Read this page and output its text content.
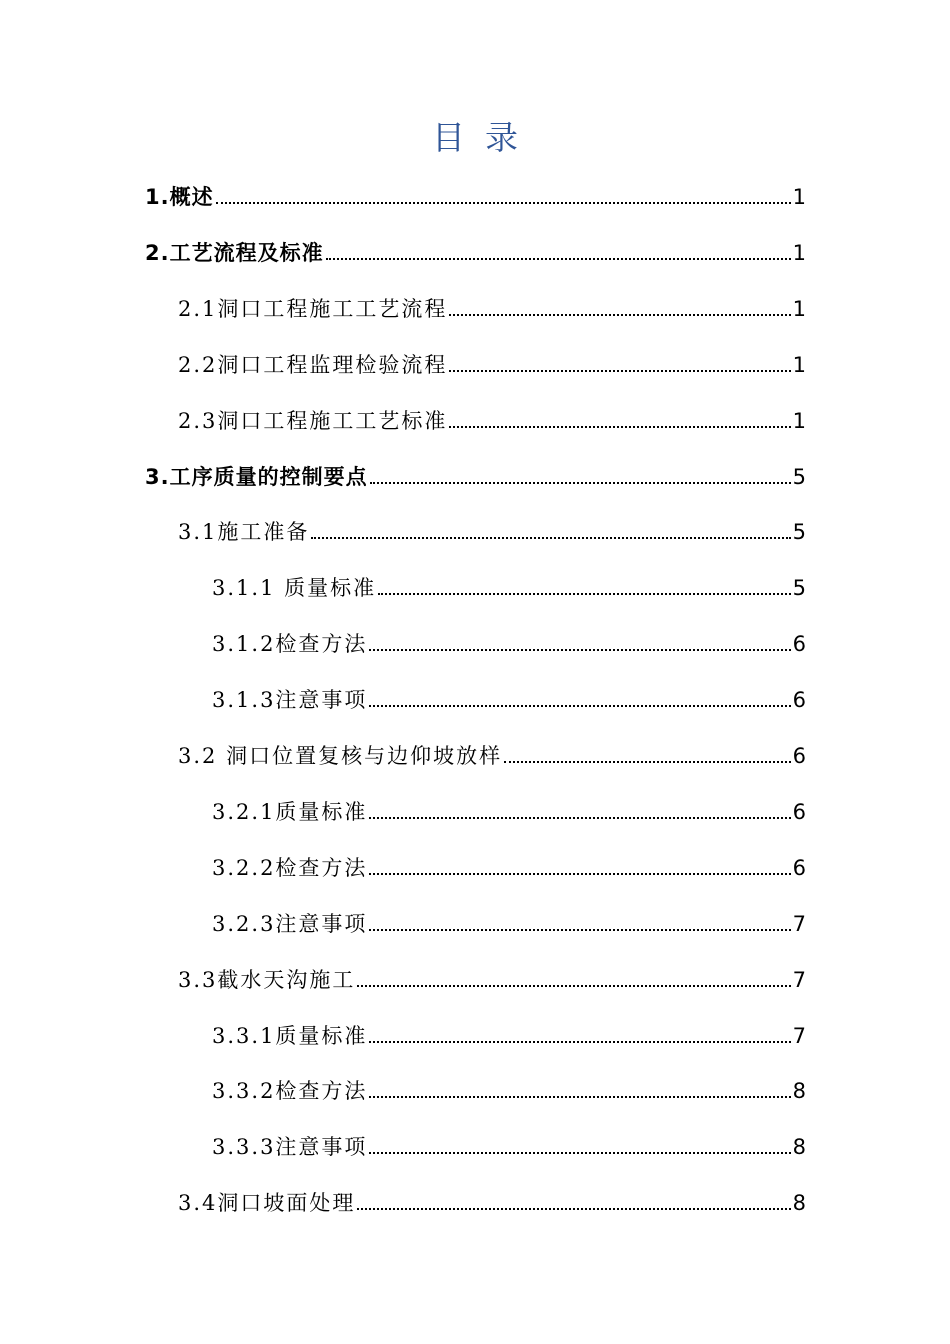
目录
1.概述	1
2.工艺流程及标准	1
2.1洞口工程施工工艺流程	1
2.2洞口工程监理检验流程	1
2.3洞口工程施工工艺标准	1
3.工序质量的控制要点	5
3.1施工准备	5
3.1.1 质量标准	5
3.1.2检查方法	6
3.1.3注意事项	6
3.2 洞口位置复核与边仰坡放样	6
3.2.1质量标准	6
3.2.2检查方法	6
3.2.3注意事项	7
3.3截水天沟施工	7
3.3.1质量标准	7
3.3.2检查方法	8
3.3.3注意事项	8
3.4洞口坡面处理	8
